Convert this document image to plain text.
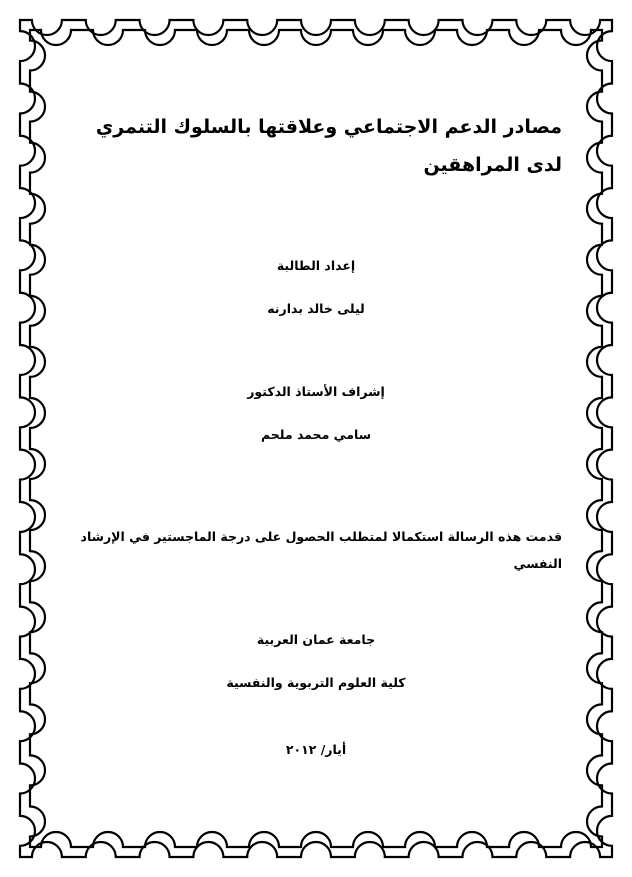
مصادر الدعم الاجتماعي وعلاقتها بالسلوك التنمري لدى المراهقين
إعداد الطالبة
ليلى خالد بدارنه
إشراف الأستاذ الدكتور
سامي محمد ملحم
قدمت هذه الرسالة استكمالا لمتطلب الحصول على درجة الماجستير في الإرشاد النفسي
جامعة عمان العربية
كلية العلوم التربوية والنفسية
أيار/ ٢٠١٢
